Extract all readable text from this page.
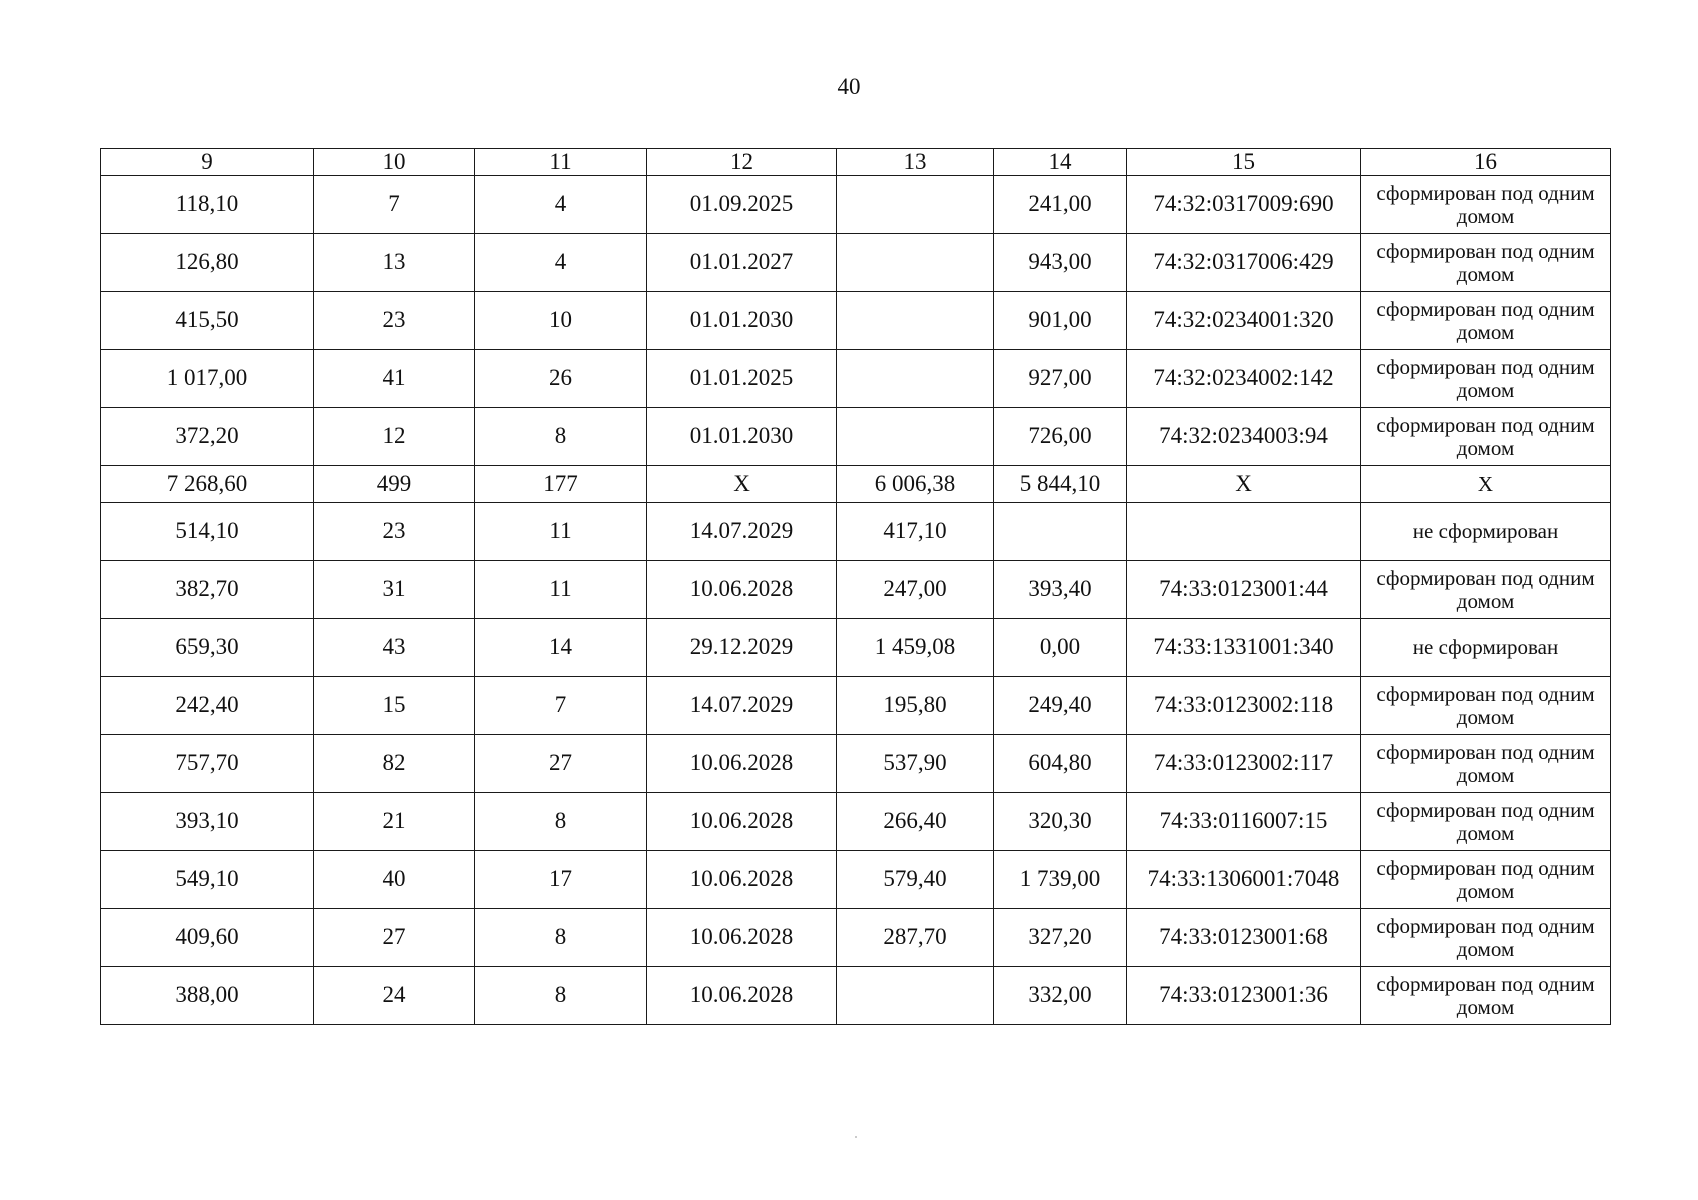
40
9	10	11	12	13	14	15	16
118,10	7	4	01.09.2025		241,00	74:32:0317009:690	сформирован под одним домом
126,80	13	4	01.01.2027		943,00	74:32:0317006:429	сформирован под одним домом
415,50	23	10	01.01.2030		901,00	74:32:0234001:320	сформирован под одним домом
1 017,00	41	26	01.01.2025		927,00	74:32:0234002:142	сформирован под одним домом
372,20	12	8	01.01.2030		726,00	74:32:0234003:94	сформирован под одним домом
7 268,60	499	177	X	6 006,38	5 844,10	X	X
514,10	23	11	14.07.2029	417,10			не сформирован
382,70	31	11	10.06.2028	247,00	393,40	74:33:0123001:44	сформирован под одним домом
659,30	43	14	29.12.2029	1 459,08	0,00	74:33:1331001:340	не сформирован
242,40	15	7	14.07.2029	195,80	249,40	74:33:0123002:118	сформирован под одним домом
757,70	82	27	10.06.2028	537,90	604,80	74:33:0123002:117	сформирован под одним домом
393,10	21	8	10.06.2028	266,40	320,30	74:33:0116007:15	сформирован под одним домом
549,10	40	17	10.06.2028	579,40	1 739,00	74:33:1306001:7048	сформирован под одним домом
409,60	27	8	10.06.2028	287,70	327,20	74:33:0123001:68	сформирован под одним домом
388,00	24	8	10.06.2028		332,00	74:33:0123001:36	сформирован под одним домом
